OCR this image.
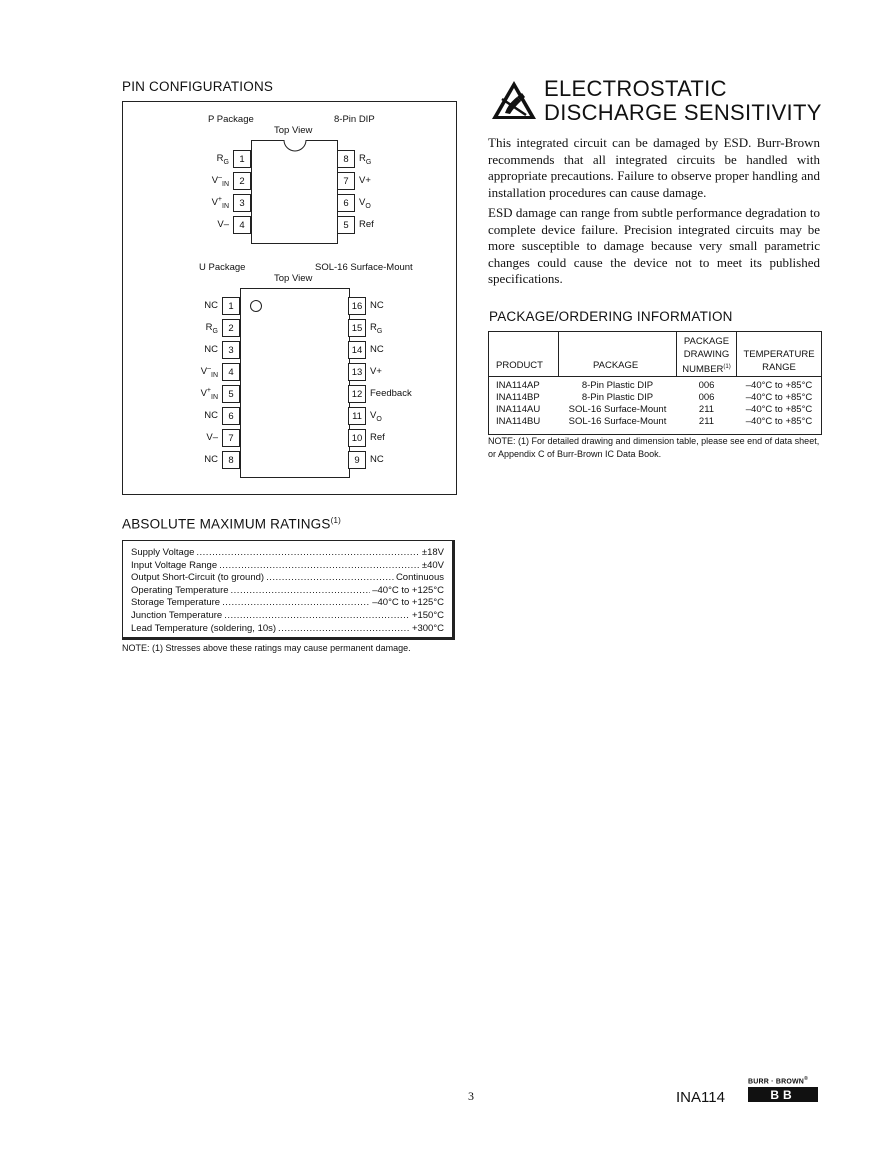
PIN CONFIGURATIONS
P Package	8-Pin DIP
Top View
1
$R_G$
2
$V^-_{IN}$
3
$V^+_{IN}$
4
V–
8	$R_G$
7	V+
6	$V_O$
5	Ref
U Package	SOL-16 Surface-Mount
Top View
1
NC
2
$R_G$
3
NC
4
$V^-_{IN}$
5
$V^+_{IN}$
6
NC
7
V–
8
NC
16 NC
15 $R_G$
14 NC
13 V+
12 Feedback
11 $V_O$
10 Ref
9	NC
ABSOLUTE MAXIMUM RATINGS$^{(1)}$
Supply Voltage .....	±18V
Input Voltage Range .....	±40V
Output Short-Circuit (to ground) .....	Continuous
Operating Temperature .....	–40°C to +125°C
Storage Temperature .....	–40°C to +125°C
Junction Temperature .....	+150°C
Lead Temperature (soldering, 10s) .....	+300°C
NOTE: (1) Stresses above these ratings may cause permanent damage.
ELECTROSTATIC
DISCHARGE SENSITIVITY
This integrated circuit can be damaged by ESD. Burr-Brown recommends that all integrated circuits be handled with appropriate precautions. Failure to observe proper handling and installation procedures can cause damage.
ESD damage can range from subtle performance degradation to complete device failure. Precision integrated circuits may be more susceptible to damage because very small parametric changes could cause the device not to meet its published specifications.
PACKAGE/ORDERING INFORMATION
PRODUCT	PACKAGE
PACKAGE
DRAWING
NUMBER$^{(1)}$
TEMPERATURE
RANGE
INA114AP	8-Pin Plastic DIP	006	–40°C to +85°C
INA114BP	8-Pin Plastic DIP	006	–40°C to +85°C
INA114AU	SOL-16 Surface-Mount	211	–40°C to +85°C
INA114BU	SOL-16 Surface-Mount	211	–40°C to +85°C
NOTE: (1) For detailed drawing and dimension table, please see end of data sheet, or Appendix C of Burr-Brown IC Data Book.
3	INA114
BURR · BROWN®
BB
